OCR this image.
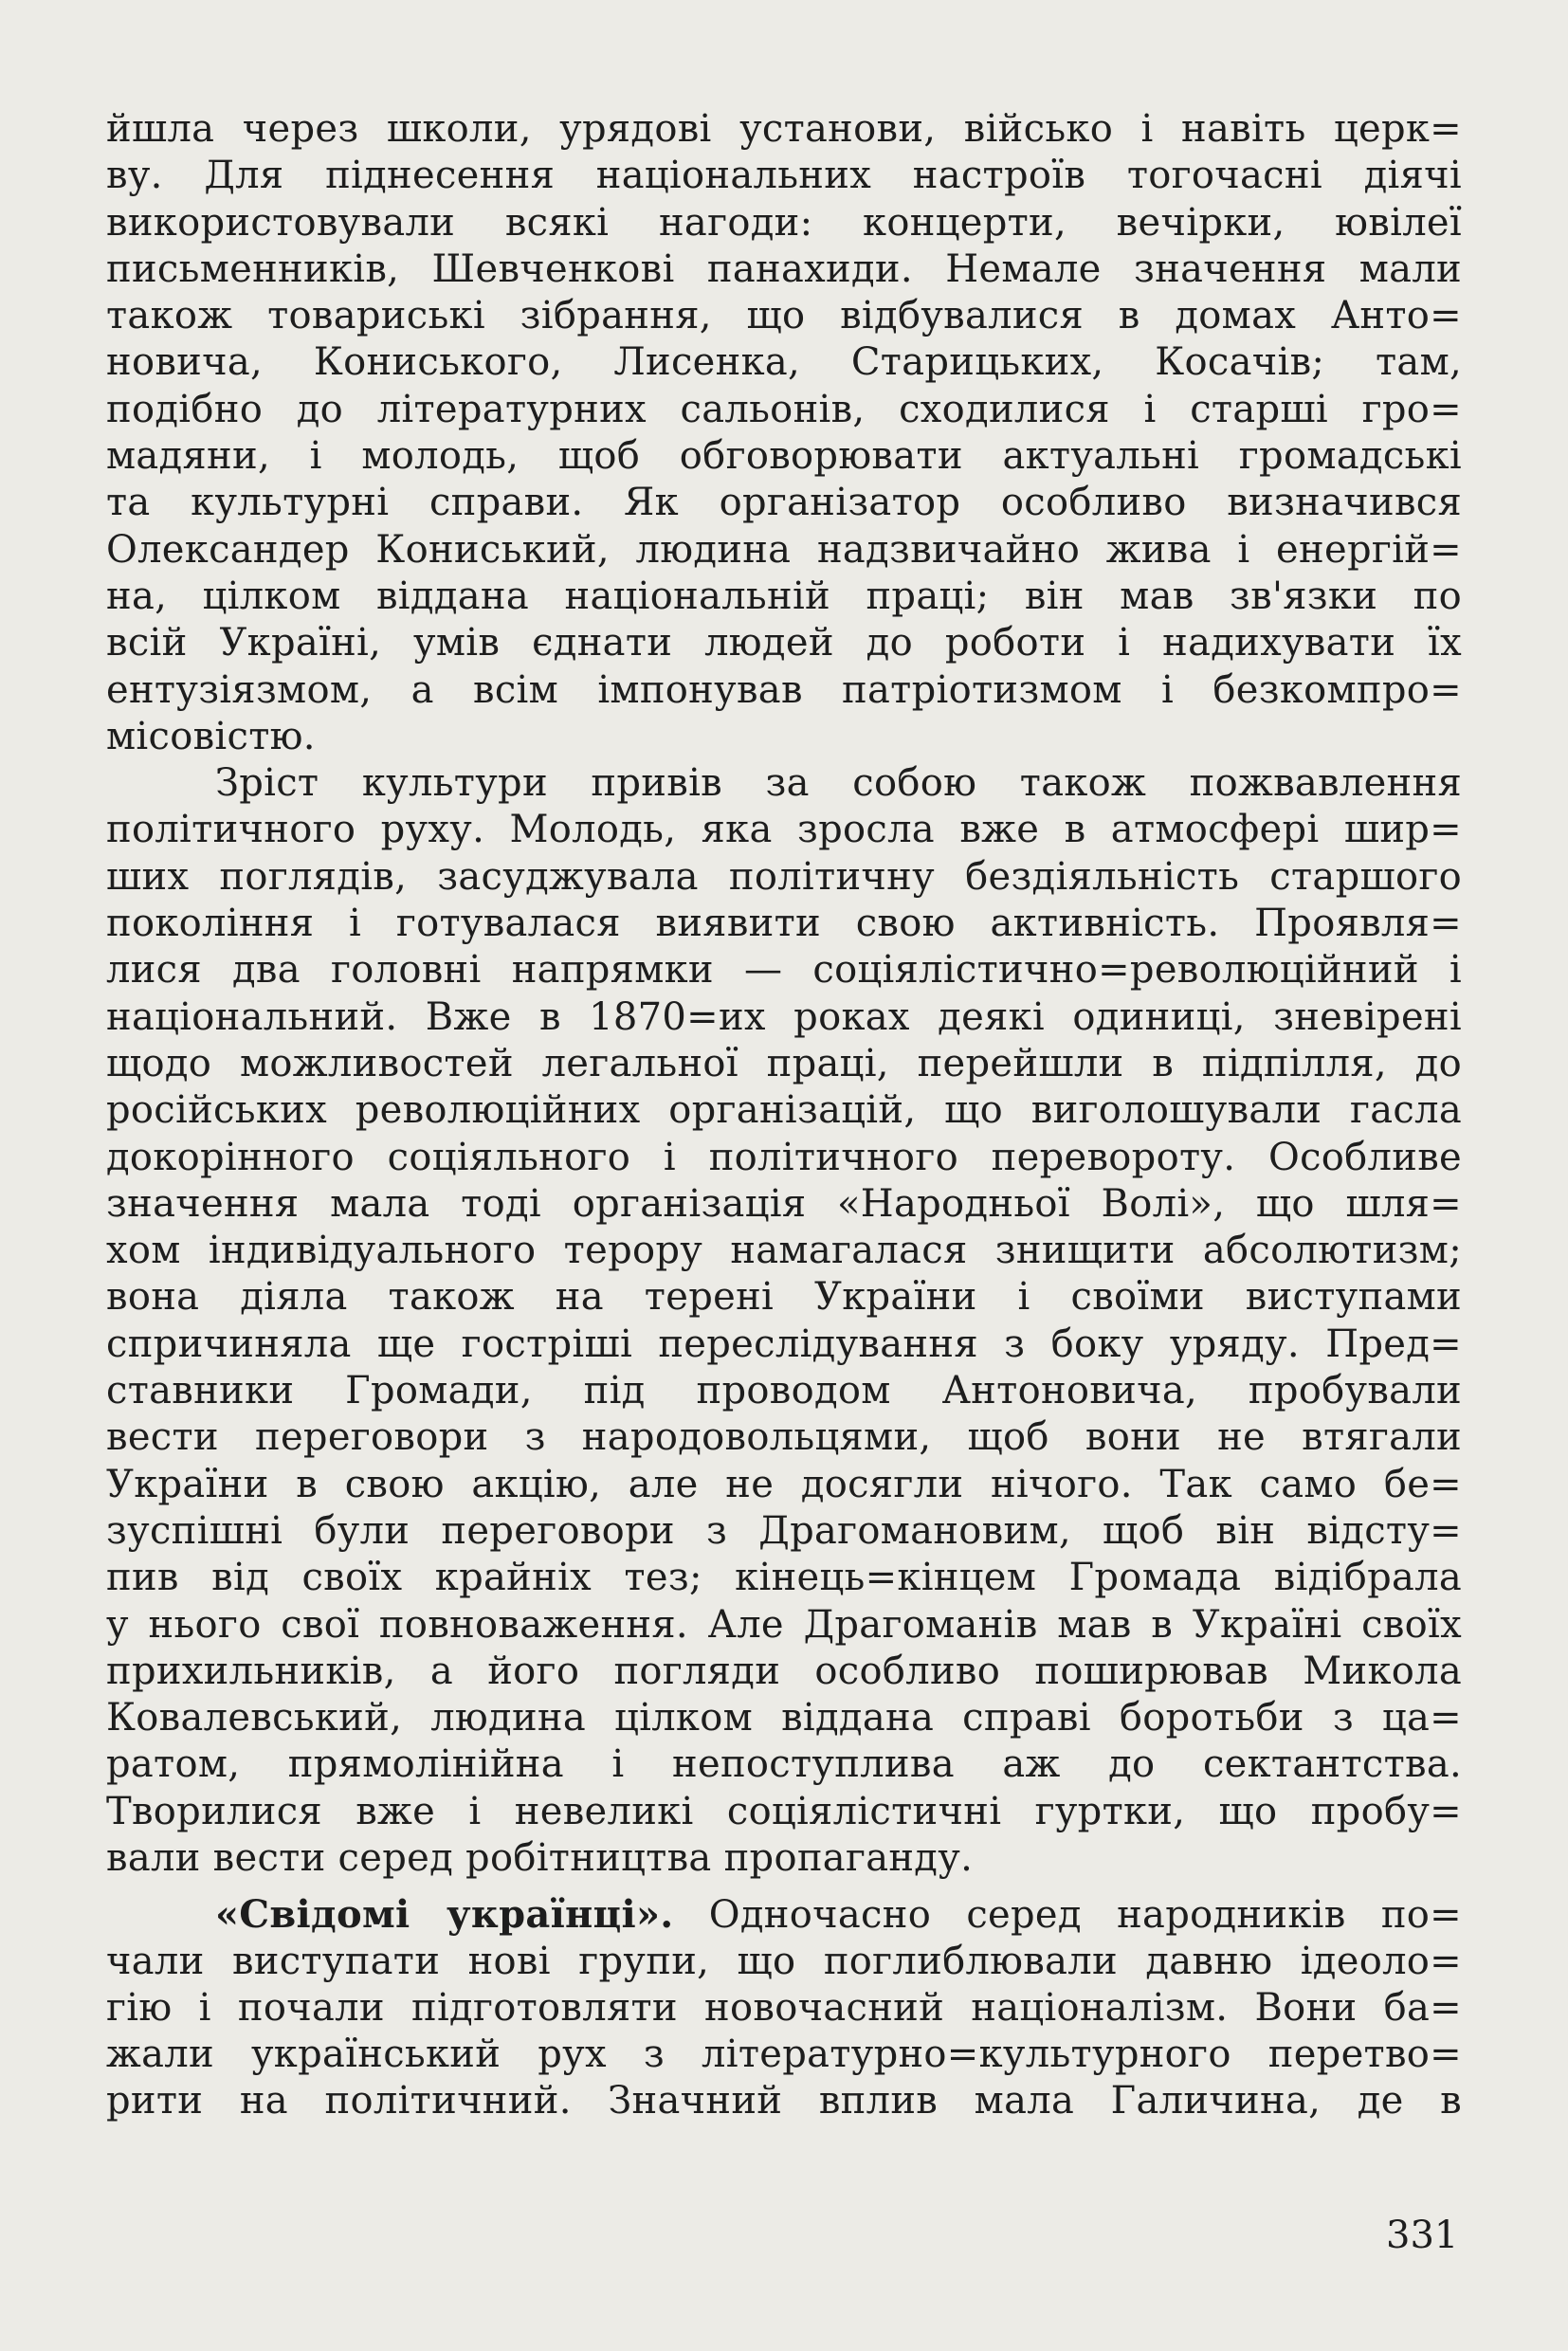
йшла через школи, урядові установи, військо і навіть церк=
ву. Для піднесення національних настроїв тогочасні діячі
використовували всякі нагоди: концерти, вечірки, ювілеї
письменників, Шевченкові панахиди. Немале значення мали
також товариські зібрання, що відбувалися в домах Анто=
новича, Кониського, Лисенка, Старицьких, Косачів; там,
подібно до літературних сальонів, сходилися і старші гро=
мадяни, і молодь, щоб обговорювати актуальні громадські
та культурні справи. Як організатор особливо визначився
Олександер Кониський, людина надзвичайно жива і енергій=
на, цілком віддана національній праці; він мав зв'язки по
всій Україні, умів єднати людей до роботи і надихувати їх
ентузіязмом, а всім імпонував патріотизмом і безкомпро=
місовістю.

Зріст культури привів за собою також пожвавлення
політичного руху. Молодь, яка зросла вже в атмосфері шир=
ших поглядів, засуджувала політичну бездіяльність старшого
покоління і готувалася виявити свою активність. Проявля=
лися два головні напрямки — соціялістично=революційний і
національний. Вже в 1870=их роках деякі одиниці, зневірені
щодо можливостей легальної праці, перейшли в підпілля, до
російських революційних організацій, що виголошували гасла
докорінного соціяльного і політичного перевороту. Особливе
значення мала тоді організація «Народньої Волі», що шля=
хом індивідуального терору намагалася знищити абсолютизм;
вона діяла також на терені України і своїми виступами
спричиняла ще гостріші переслідування з боку уряду. Пред=
ставники Громади, під проводом Антоновича, пробували
вести переговори з народовольцями, щоб вони не втягали
України в свою акцію, але не досягли нічого. Так само бе=
зуспішні були переговори з Драгомановим, щоб він відсту=
пив від своїх крайніх тез; кінець=кінцем Громада відібрала
у нього свої повноваження. Але Драгоманів мав в Україні своїх
прихильників, а його погляди особливо поширював Микола
Ковалевський, людина цілком віддана справі боротьби з ца=
ратом, прямолінійна і непоступлива аж до сектантства.
Творилися вже і невеликі соціялістичні гуртки, що пробу=
вали вести серед робітництва пропаганду.

«Свідомі українці». Одночасно серед народників по=
чали виступати нові групи, що поглиблювали давню ідеоло=
гію і почали підготовляти новочасний націоналізм. Вони ба=
жали український рух з літературно=культурного перетво=
рити на політичний. Значний вплив мала Галичина, де в

331
